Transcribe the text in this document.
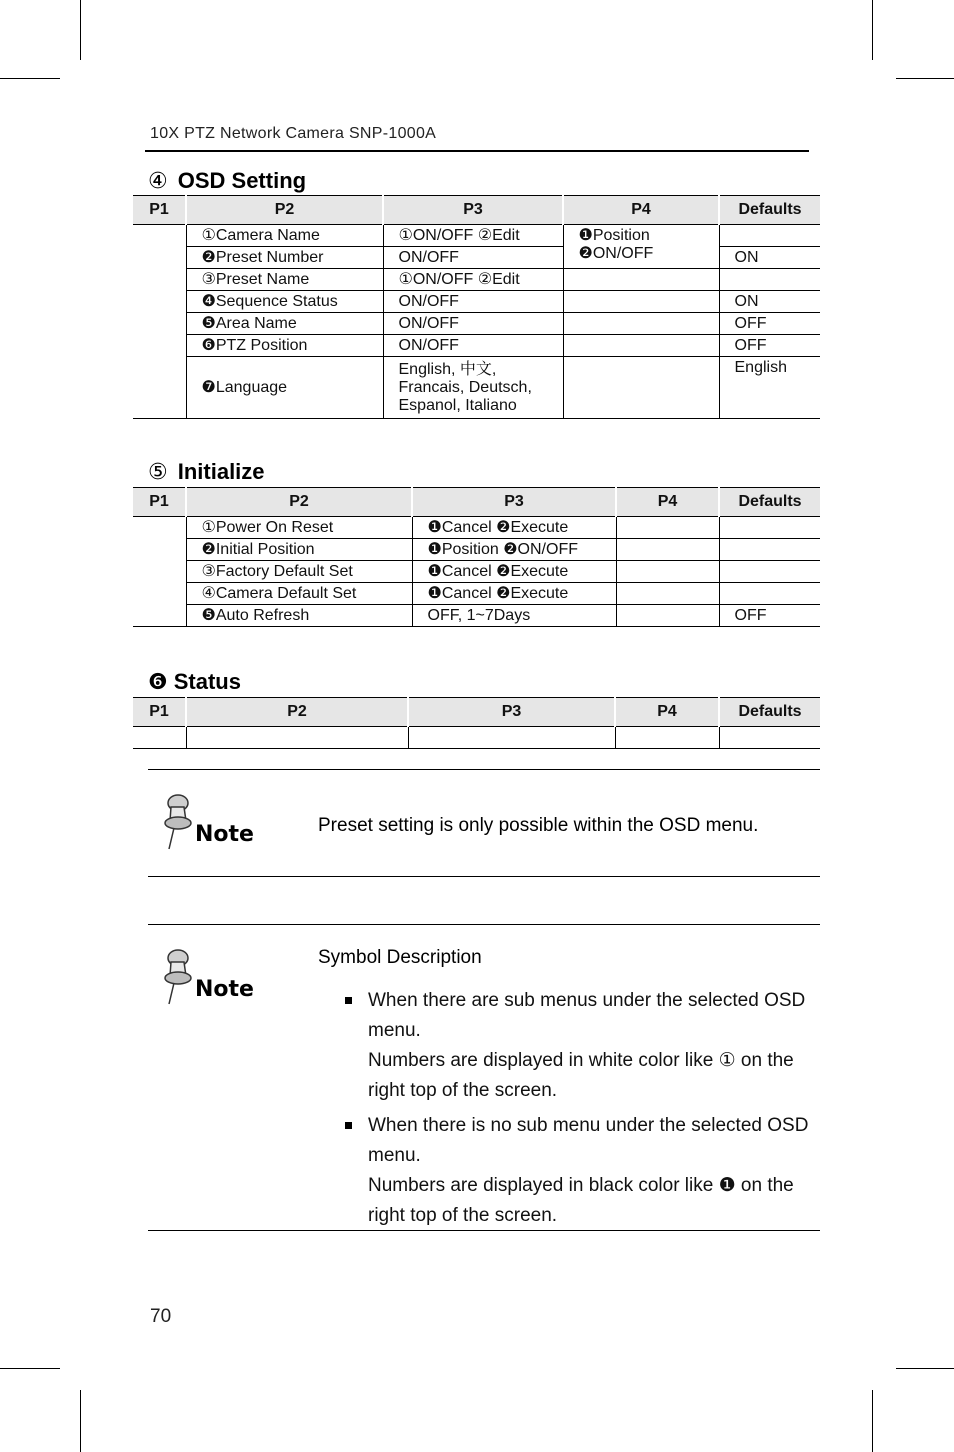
10X PTZ Network Camera SNP-1000A
④ OSD Setting
P1	P2	P3	P4	Defaults
	①Camera Name	①ON/OFF ②Edit	❶Position
❷ON/OFF	

	❷Preset Number	ON/OFF		ON
	③Preset Name	①ON/OFF ②Edit		
	❹Sequence Status	ON/OFF		ON
	❺Area Name	ON/OFF		OFF
	❻PTZ Position	ON/OFF		OFF
	❼Language	English, 中文,
Francais, Deutsch,
Espanol, Italiano		English
⑤ Initialize
P1	P2	P3	P4	Defaults
	①Power On Reset	❶Cancel ❷Execute		
	❷Initial Position	❶Position ❷ON/OFF		
	③Factory Default Set	❶Cancel ❷Execute		
	④Camera Default Set	❶Cancel ❷Execute		
	❺Auto Refresh	OFF, 1~7Days		OFF
❻ Status
P1	P2	P3	P4	Defaults

Note	Preset setting is only possible within the OSD menu.
Note
Symbol Description
When there are sub menus under the selected OSD menu.
Numbers are displayed in white color like ① on the right top of the screen.
When there is no sub menu under the selected OSD menu.
Numbers are displayed in black color like ❶ on the right top of the screen.
70
